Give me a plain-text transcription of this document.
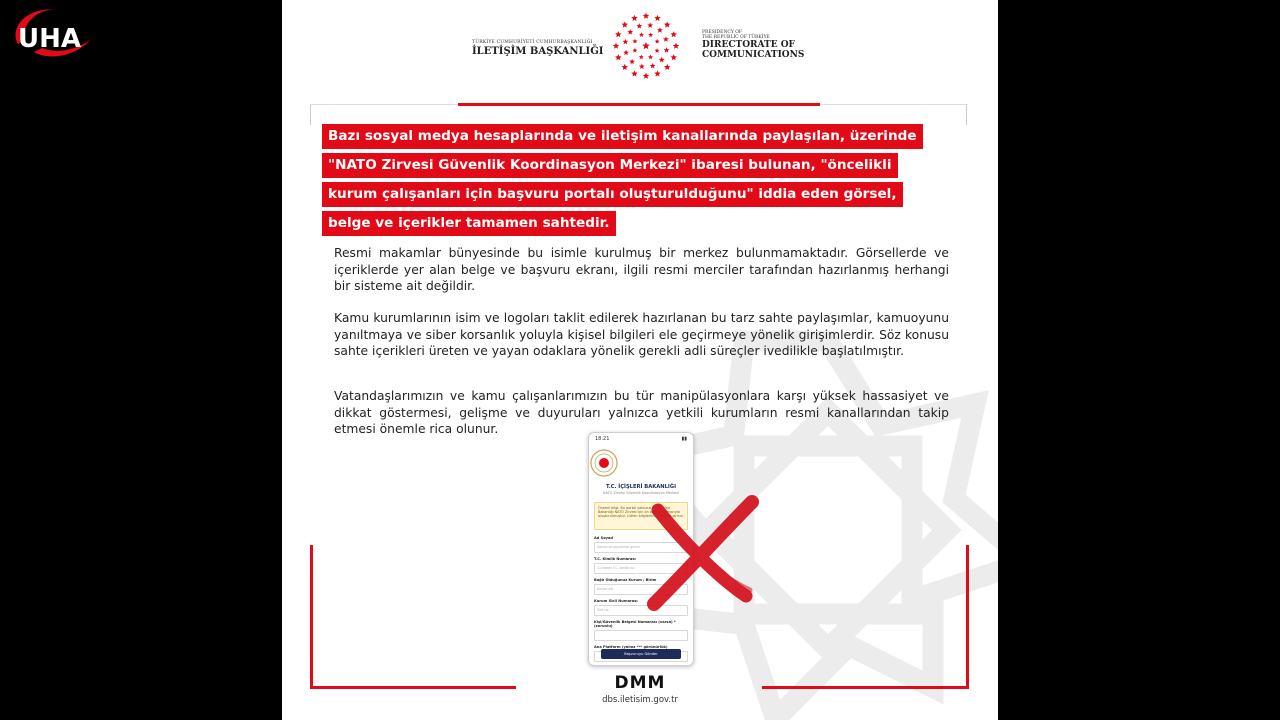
UHA	TÜRKİYE CUMHURİYETİ CUMHURBAŞKANLIĞI
İLETİŞİM BAŞKANLIĞI
PRESIDENCY OF
THE REPUBLIC OF TÜRKİYE
DIRECTORATE OF
COMMUNICATIONS
Bazı sosyal medya hesaplarında ve iletişim kanallarında paylaşılan, üzerinde
"NATO Zirvesi Güvenlik Koordinasyon Merkezi" ibaresi bulunan, "öncelikli
kurum çalışanları için başvuru portalı oluşturulduğunu" iddia eden görsel,
belge ve içerikler tamamen sahtedir.
Resmi makamlar bünyesinde bu isimle kurulmuş bir merkez bulunmamaktadır. Görsellerde ve içeriklerde yer alan belge ve başvuru ekranı, ilgili resmi merciler tarafından hazırlanmış herhangi bir sisteme ait değildir.
Kamu kurumlarının isim ve logoları taklit edilerek hazırlanan bu tarz sahte paylaşımlar, kamuoyunu yanıltmaya ve siber korsanlık yoluyla kişisel bilgileri ele geçirmeye yönelik girişimlerdir. Söz konusu sahte içerikleri üreten ve yayan odaklara yönelik gerekli adli süreçler ivedilikle başlatılmıştır.
Vatandaşlarımızın ve kamu çalışanlarımızın bu tür manipülasyonlara karşı yüksek hassasiyet ve dikkat göstermesi, gelişme ve duyuruları yalnızca yetkili kurumların resmi kanallarından takip etmesi önemle rica olunur.
18:21	▮▮
T.C. İÇİŞLERİ BAKANLIĞI
NATO Zirvesi Güvenlik Koordinasyon Merkezi
Önemli bilgi: Bu portal yalnızca T.C. İçişleri Bakanlığı NATO Zirvesi için ön başvuru amacıyla oluşturulmuştur. Lütfen bilgilerinizi eksiksiz giriniz.
Ad Soyad
Adınızı ve soyadınızı giriniz
T.C. Kimlik Numarası
11 haneli T.C. kimlik no
Bağlı Olduğunuz Kurum / Birim
Kurum adı
Kurum Sicil Numarası
Sicil no
Kişi/Güvenlik Belgesi Numarası (varsa) * (zorunlu)
Ana Platform (yalnız *** görünürlük)
Başvuruyu Gönder
DMM
dbs.iletisim.gov.tr
